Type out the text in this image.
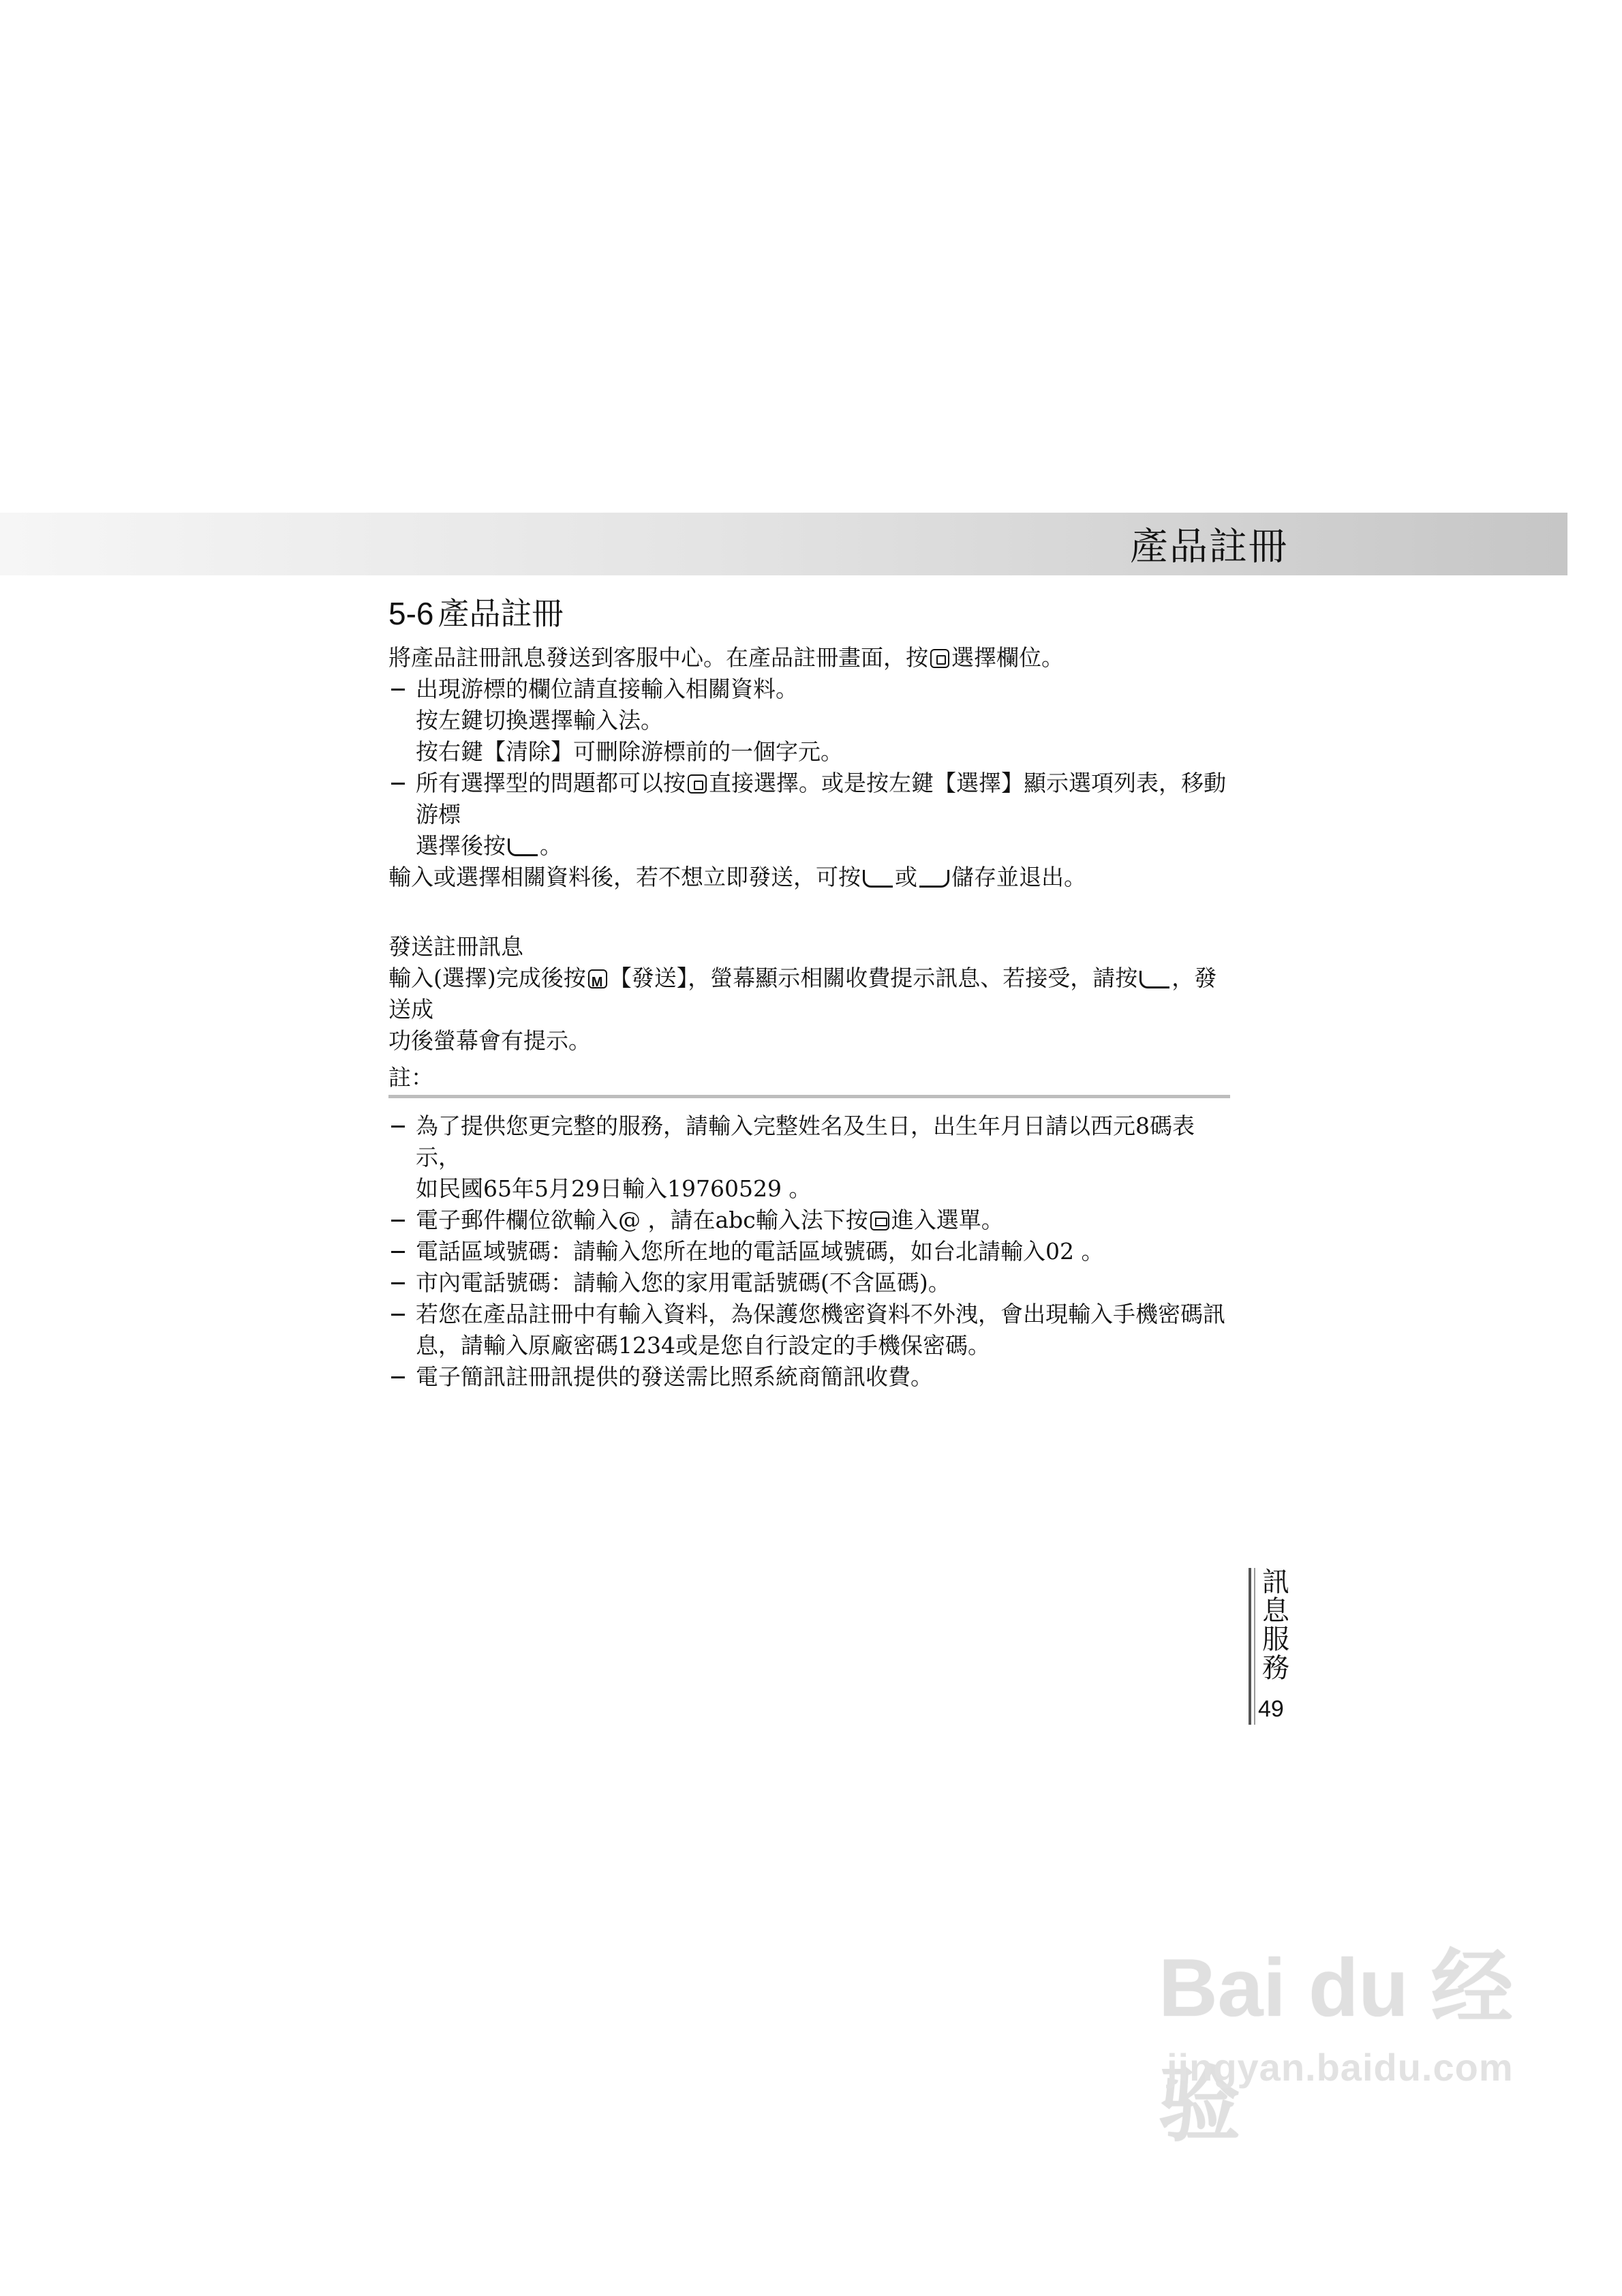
產品註冊
5-6 產品註冊

將產品註冊訊息發送到客服中心。在產品註冊畫面，按 選擇欄位。

出現游標的欄位請直接輸入相關資料。

按左鍵切換選擇輸入法。

按右鍵【清除】可刪除游標前的一個字元。

所有選擇型的問題都可以按 直接選擇。或是按左鍵【選擇】顯示選項列表，移動游標

選擇後按 。

輸入或選擇相關資料後，若不想立即發送，可按 或 儲存並退出。

發送註冊訊息

輸入(選擇)完成後按M 【發送】，螢幕顯示相關收費提示訊息、若接受，請按 ，發送成

功後螢幕會有提示。

註：

為了提供您更完整的服務，請輸入完整姓名及生日，出生年月日請以西元8碼表示，

如民國65年5月29日輸入19760529 。

電子郵件欄位欲輸入@ ，請在abc輸入法下按 進入選單。

電話區域號碼：請輸入您所在地的電話區域號碼，如台北請輸入02 。

市內電話號碼：請輸入您的家用電話號碼(不含區碼)。

若您在產品註冊中有輸入資料，為保護您機密資料不外洩，會出現輸入手機密碼訊

息，請輸入原廠密碼1234或是您自行設定的手機保密碼。

電子簡訊註冊訊提供的發送需比照系統商簡訊收費。

訊息服務
49
Bai du 经验
jingyan.baidu.com
